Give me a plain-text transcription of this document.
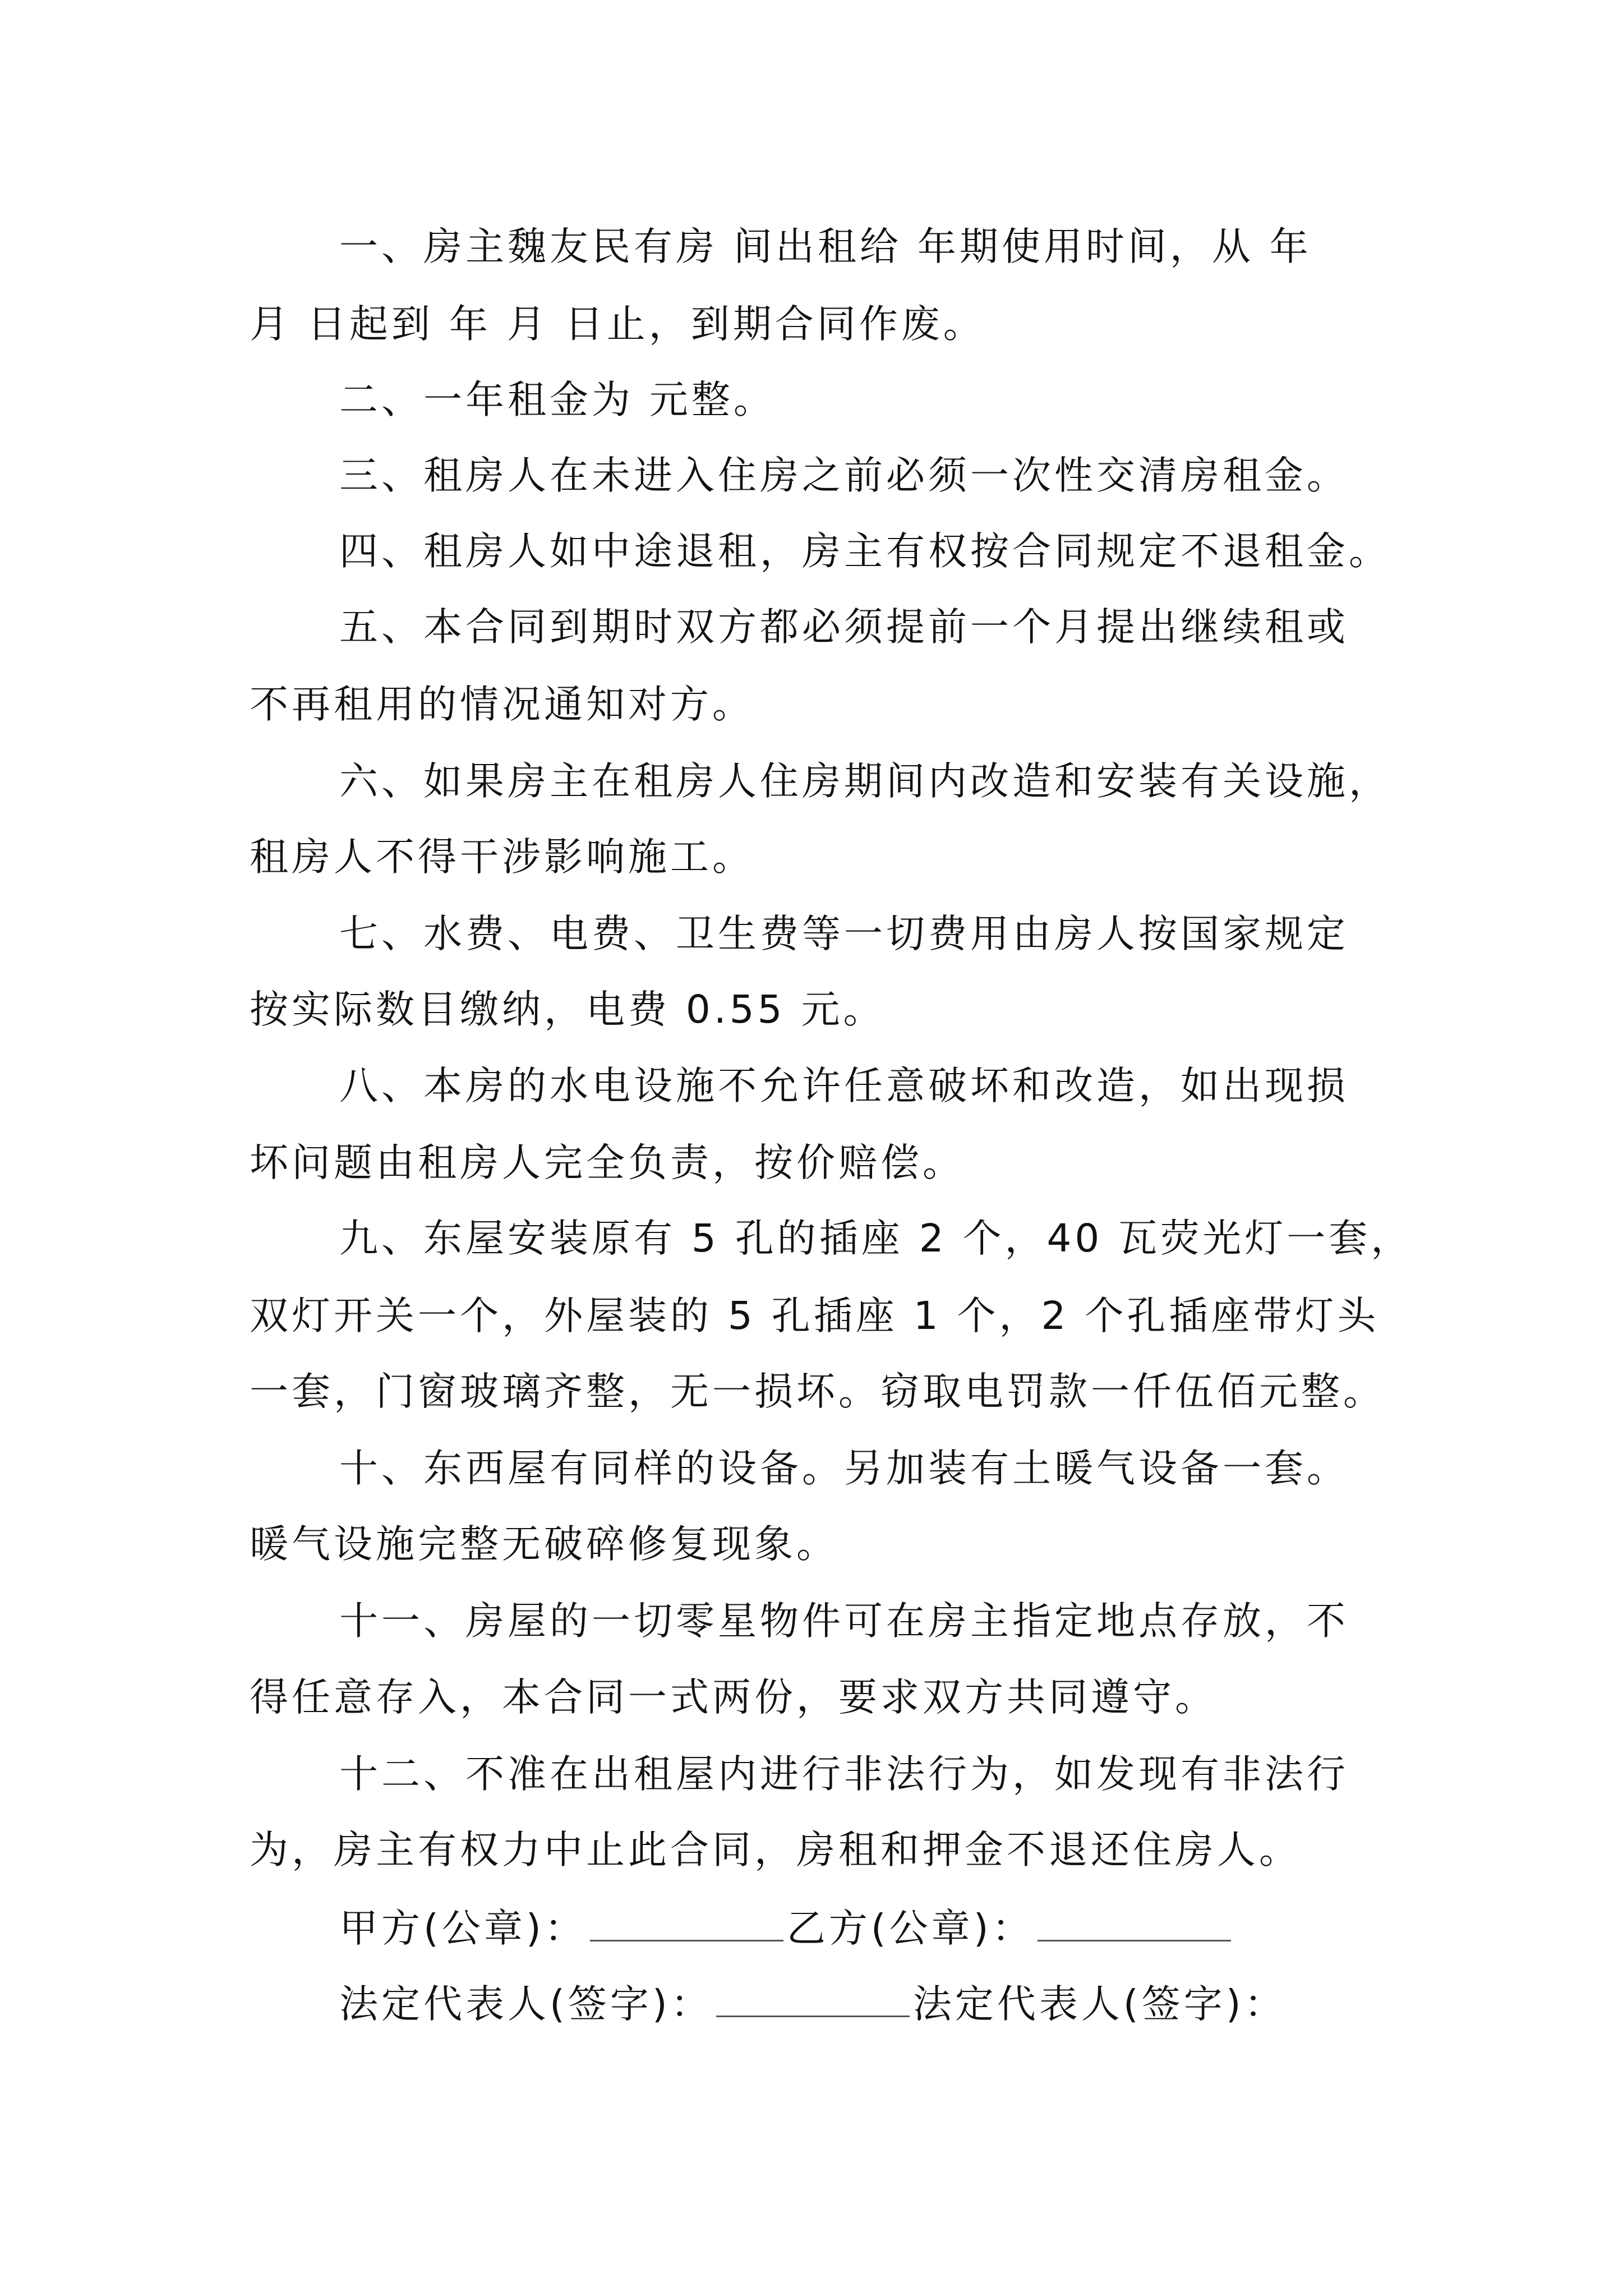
一、房主魏友民有房 间出租给 年期使用时间，从 年
月 日起到 年 月 日止，到期合同作废。
二、一年租金为 元整。
三、租房人在未进入住房之前必须一次性交清房租金。
四、租房人如中途退租，房主有权按合同规定不退租金。
五、本合同到期时双方都必须提前一个月提出继续租或
不再租用的情况通知对方。
六、如果房主在租房人住房期间内改造和安装有关设施，
租房人不得干涉影响施工。
七、水费、电费、卫生费等一切费用由房人按国家规定
按实际数目缴纳，电费 0.55 元。
八、本房的水电设施不允许任意破坏和改造，如出现损
坏问题由租房人完全负责，按价赔偿。
九、东屋安装原有 5 孔的插座 2 个，40 瓦荧光灯一套，
双灯开关一个，外屋装的 5 孔插座 1 个，2 个孔插座带灯头
一套，门窗玻璃齐整，无一损坏。窃取电罚款一仟伍佰元整。
十、东西屋有同样的设备。另加装有土暖气设备一套。
暖气设施完整无破碎修复现象。
十一、房屋的一切零星物件可在房主指定地点存放，不
得任意存入，本合同一式两份，要求双方共同遵守。
十二、不准在出租屋内进行非法行为，如发现有非法行
为，房主有权力中止此合同，房租和押金不退还住房人。
甲方(公章)：	乙方(公章)：
法定代表人(签字)：	法定代表人(签字)：
